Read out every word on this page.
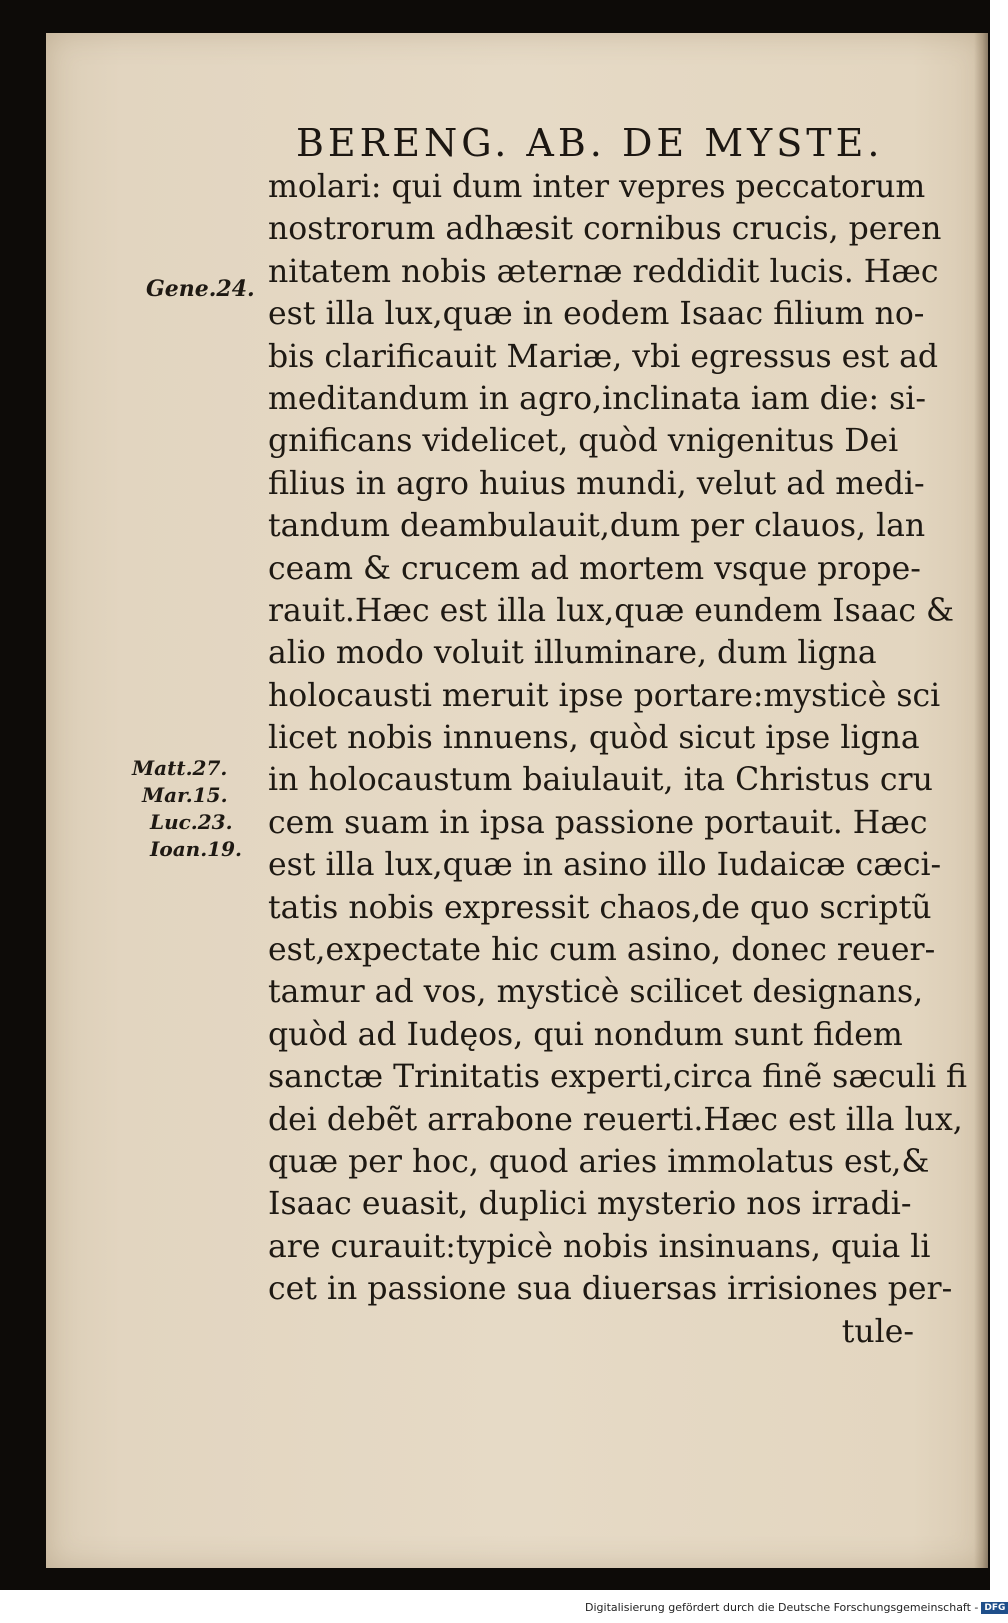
BERENG. AB. DE MYSTE.
Gene.24.
Matt.27.
Mar.15.
Luc.23.
Ioan.19.
molari: qui dum inter vepres peccatorum
nostrorum adhæsit cornibus crucis, peren
nitatem nobis æternæ reddidit lucis. Hæc
est illa lux,quæ in eodem Isaac filium no-
bis clarificauit Mariæ, vbi egressus est ad
meditandum in agro,inclinata iam die: si-
gnificans videlicet, quòd vnigenitus Dei
filius in agro huius mundi, velut ad medi-
tandum deambulauit,dum per clauos, lan
ceam & crucem ad mortem vsque prope-
rauit.Hæc est illa lux,quæ eundem Isaac &
alio modo voluit illuminare, dum ligna
holocausti meruit ipse portare:mysticè sci
licet nobis innuens, quòd sicut ipse ligna
in holocaustum baiulauit, ita Christus cru
cem suam in ipsa passione portauit. Hæc
est illa lux,quæ in asino illo Iudaicæ cæci-
tatis nobis expressit chaos,de quo scriptũ
est,expectate hic cum asino, donec reuer-
tamur ad vos, mysticè scilicet designans,
quòd ad Iudęos, qui nondum sunt fidem
sanctæ Trinitatis experti,circa finẽ sæculi fi
dei debẽt arrabone reuerti.Hæc est illa lux,
quæ per hoc, quod aries immolatus est,&
Isaac euasit, duplici mysterio nos irradi-
are curauit:typicè nobis insinuans, quia li
cet in passione sua diuersas irrisiones per-
tule-
Digitalisierung gefördert durch die Deutsche Forschungsgemeinschaft - DFG
